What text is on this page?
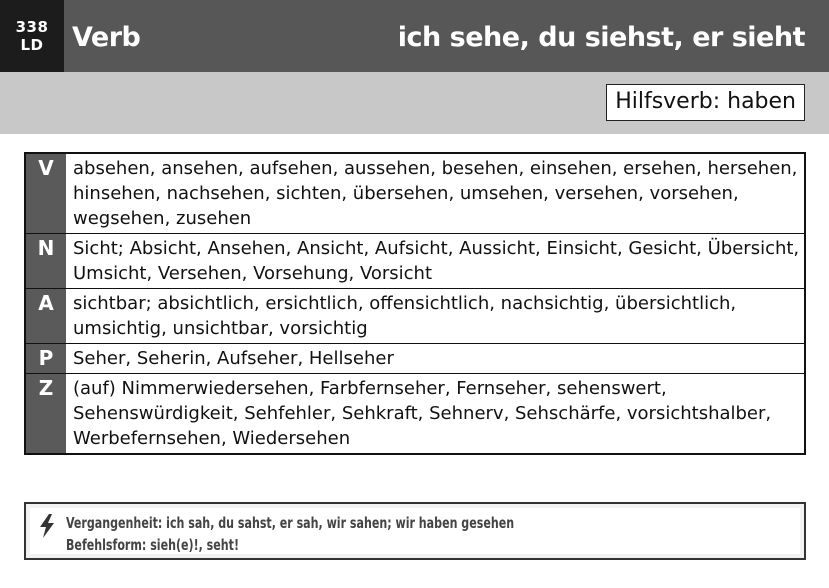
338
LD Verb	ich sehe, du siehst, er sieht
Hilfsverb: haben
V	absehen, ansehen, aufsehen, aussehen, besehen, einsehen, ersehen, hersehen, hinsehen, nachsehen, sichten, übersehen, umsehen, versehen, vorsehen, wegsehen, zusehen
N	Sicht; Absicht, Ansehen, Ansicht, Aufsicht, Aussicht, Einsicht, Gesicht, Übersicht, Umsicht, Versehen, Vorsehung, Vorsicht
A	sichtbar; absichtlich, ersichtlich, offensichtlich, nachsichtig, übersichtlich, umsichtig, unsichtbar, vorsichtig
P	Seher, Seherin, Aufseher, Hellseher
Z	(auf) Nimmerwiedersehen, Farbfernseher, Fernseher, sehenswert, Sehenswürdigkeit, Sehfehler, Sehkraft, Sehnerv, Sehschärfe, vorsichtshalber, Werbefernsehen, Wiedersehen
Vergangenheit: ich sah, du sahst, er sah, wir sahen; wir haben gesehen
Befehlsform: sieh(e)!, seht!
